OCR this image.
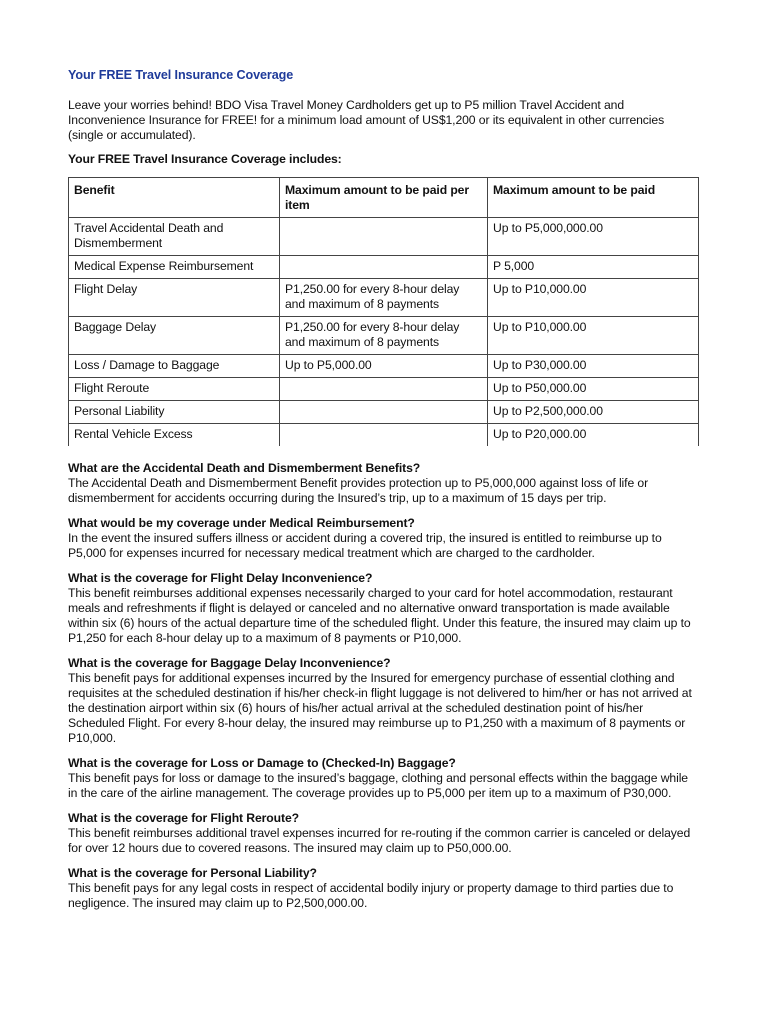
Your FREE Travel Insurance Coverage

Leave your worries behind! BDO Visa Travel Money Cardholders get up to P5 million Travel Accident and Inconvenience Insurance for FREE! for a minimum load amount of US$1,200 or its equivalent in other currencies (single or accumulated).

Your FREE Travel Insurance Coverage includes:

Benefit	Maximum amount to be paid per item	Maximum amount to be paid
Travel Accidental Death and Dismemberment		Up to P5,000,000.00
Medical Expense Reimbursement		P 5,000
Flight Delay	P1,250.00 for every 8-hour delay and maximum of 8 payments	Up to P10,000.00
Baggage Delay	P1,250.00 for every 8-hour delay and maximum of 8 payments	Up to P10,000.00
Loss / Damage to Baggage	Up to P5,000.00	Up to P30,000.00
Flight Reroute		Up to P50,000.00
Personal Liability		Up to P2,500,000.00
Rental Vehicle Excess		Up to P20,000.00
What are the Accidental Death and Dismemberment Benefits?
The Accidental Death and Dismemberment Benefit provides protection up to P5,000,000 against loss of life or dismemberment for accidents occurring during the Insured’s trip, up to a maximum of 15 days per trip.
What would be my coverage under Medical Reimbursement?
In the event the insured suffers illness or accident during a covered trip, the insured is entitled to reimburse up to P5,000 for expenses incurred for necessary medical treatment which are charged to the cardholder.
What is the coverage for Flight Delay Inconvenience?
This benefit reimburses additional expenses necessarily charged to your card for hotel accommodation, restaurant meals and refreshments if flight is delayed or canceled and no alternative onward transportation is made available within six (6) hours of the actual departure time of the scheduled flight. Under this feature, the insured may claim up to P1,250 for each 8-hour delay up to a maximum of 8 payments or P10,000.
What is the coverage for Baggage Delay Inconvenience?
This benefit pays for additional expenses incurred by the Insured for emergency purchase of essential clothing and requisites at the scheduled destination if his/her check-in flight luggage is not delivered to him/her or has not arrived at the destination airport within six (6) hours of his/her actual arrival at the scheduled destination point of his/her Scheduled Flight. For every 8-hour delay, the insured may reimburse up to P1,250 with a maximum of 8 payments or P10,000.
What is the coverage for Loss or Damage to (Checked-In) Baggage?
This benefit pays for loss or damage to the insured’s baggage, clothing and personal effects within the baggage while in the care of the airline management. The coverage provides up to P5,000 per item up to a maximum of P30,000.
What is the coverage for Flight Reroute?
This benefit reimburses additional travel expenses incurred for re-routing if the common carrier is canceled or delayed for over 12 hours due to covered reasons. The insured may claim up to P50,000.00.
What is the coverage for Personal Liability?
This benefit pays for any legal costs in respect of accidental bodily injury or property damage to third parties due to negligence. The insured may claim up to P2,500,000.00.
